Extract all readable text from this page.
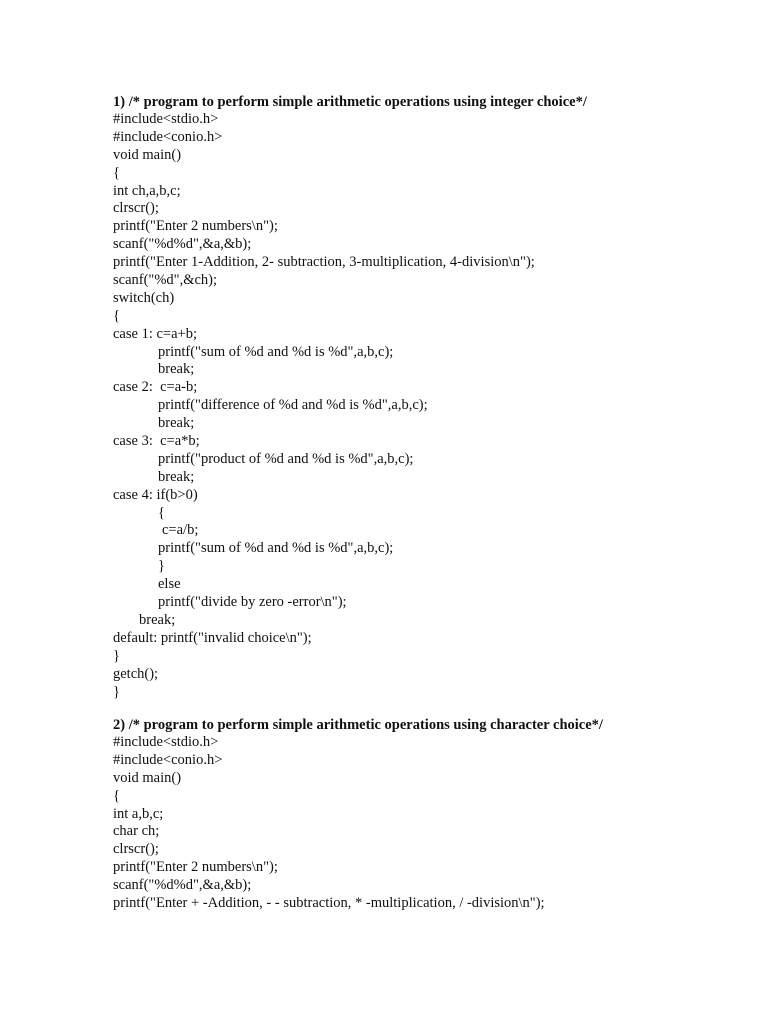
1) /* program to perform simple arithmetic operations using integer choice*/
#include<stdio.h>
#include<conio.h>
void main()
{
int ch,a,b,c;
clrscr();
printf("Enter 2 numbers\n");
scanf("%d%d",&a,&b);
printf("Enter 1-Addition, 2- subtraction, 3-multiplication, 4-division\n");
scanf("%d",&ch);
switch(ch)
{
case 1: c=a+b;
printf("sum of %d and %d is %d",a,b,c);
break;
case 2:  c=a-b;
printf("difference of %d and %d is %d",a,b,c);
break;
case 3:  c=a*b;
printf("product of %d and %d is %d",a,b,c);
break;
case 4: if(b>0)
{
c=a/b;
printf("sum of %d and %d is %d",a,b,c);
}
else
printf("divide by zero -error\n");
break;
default: printf("invalid choice\n");
}
getch();
}
2) /* program to perform simple arithmetic operations using character choice*/
#include<stdio.h>
#include<conio.h>
void main()
{
int a,b,c;
char ch;
clrscr();
printf("Enter 2 numbers\n");
scanf("%d%d",&a,&b);
printf("Enter + -Addition, - - subtraction, * -multiplication, / -division\n");
